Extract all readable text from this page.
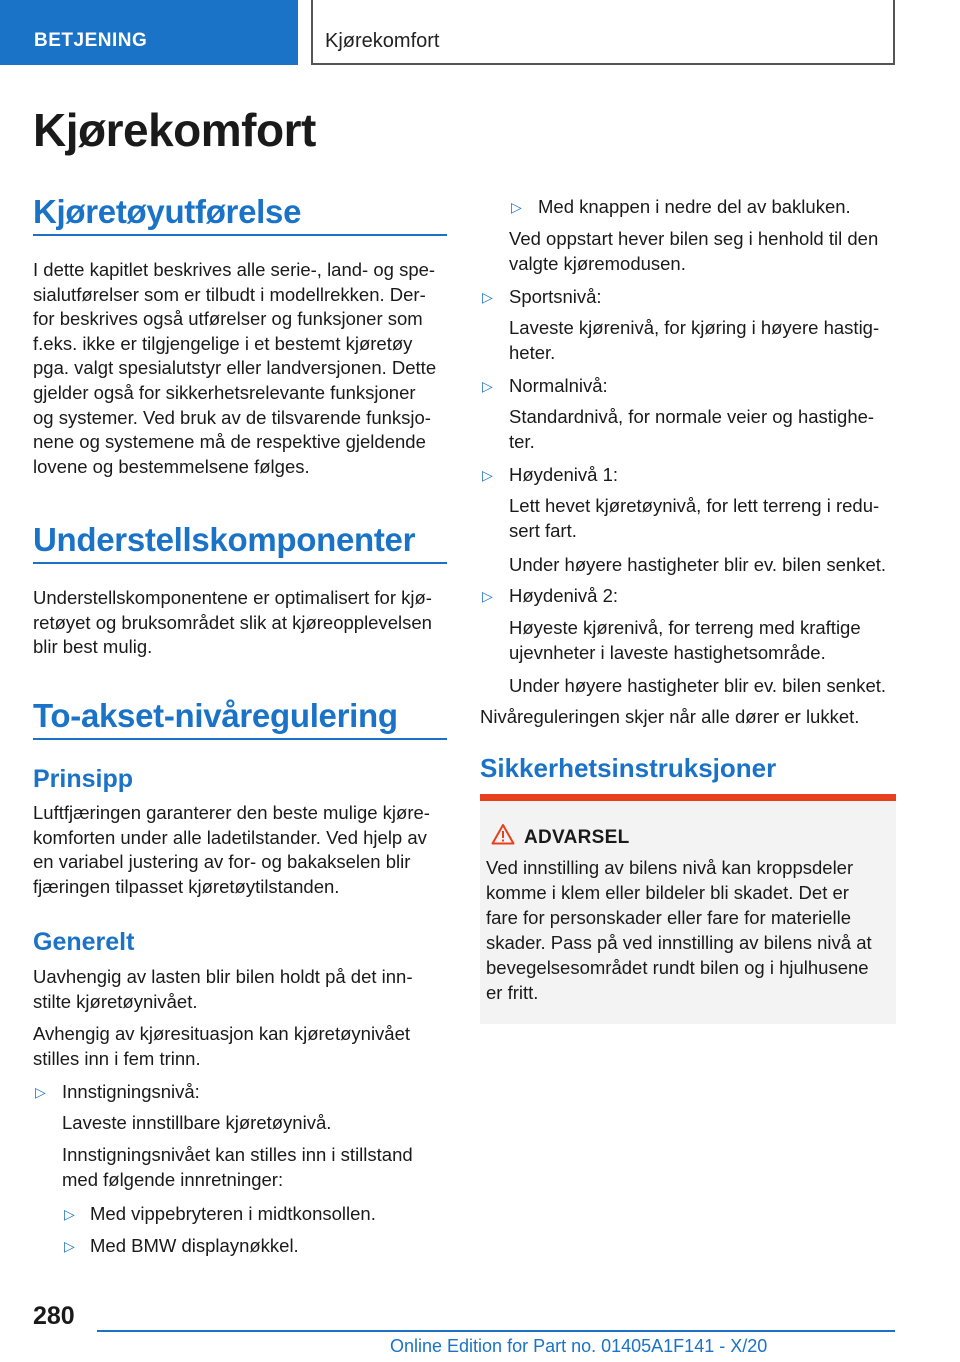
BETJENING	Kjørekomfort
Kjørekomfort
Kjøretøyutførelse
I dette kapitlet beskrives alle serie-, land- og spe-
sialutførelser som er tilbudt i modellrekken. Der-
for beskrives også utførelser og funksjoner som
f.eks. ikke er tilgjengelige i et bestemt kjøretøy
pga. valgt spesialutstyr eller landversjonen. Dette
gjelder også for sikkerhetsrelevante funksjoner
og systemer. Ved bruk av de tilsvarende funksjo-
nene og systemene må de respektive gjeldende
lovene og bestemmelsene følges.
Understellskomponenter
Understellskomponentene er optimalisert for kjø-
retøyet og bruksområdet slik at kjøreopplevelsen
blir best mulig.
To-akset-nivåregulering
Prinsipp
Luftfjæringen garanterer den beste mulige kjøre-
komforten under alle ladetilstander. Ved hjelp av
en variabel justering av for- og bakakselen blir
fjæringen tilpasset kjøretøytilstanden.
Generelt
Uavhengig av lasten blir bilen holdt på det inn-
stilte kjøretøynivået.
Avhengig av kjøresituasjon kan kjøretøynivået
stilles inn i fem trinn.
▷ Innstigningsnivå:
Laveste innstillbare kjøretøynivå.
Innstigningsnivået kan stilles inn i stillstand
med følgende innretninger:
▷ Med vippebryteren i midtkonsollen.
▷ Med BMW displaynøkkel.
▷ Med knappen i nedre del av bakluken.
Ved oppstart hever bilen seg i henhold til den
valgte kjøremodusen.
▷ Sportsnivå:
Laveste kjørenivå, for kjøring i høyere hastig-
heter.
▷ Normalnivå:
Standardnivå, for normale veier og hastighe-
ter.
▷ Høydenivå 1:
Lett hevet kjøretøynivå, for lett terreng i redu-
sert fart.
Under høyere hastigheter blir ev. bilen senket.
▷ Høydenivå 2:
Høyeste kjørenivå, for terreng med kraftige
ujevnheter i laveste hastighetsområde.
Under høyere hastigheter blir ev. bilen senket.
Nivåreguleringen skjer når alle dører er lukket.
Sikkerhetsinstruksjoner
ADVARSEL
Ved innstilling av bilens nivå kan kroppsdeler
komme i klem eller bildeler bli skadet. Det er
fare for personskader eller fare for materielle
skader. Pass på ved innstilling av bilens nivå at
bevegelsesområdet rundt bilen og i hjulhusene
er fritt.
280
Online Edition for Part no. 01405A1F141 - X/20
